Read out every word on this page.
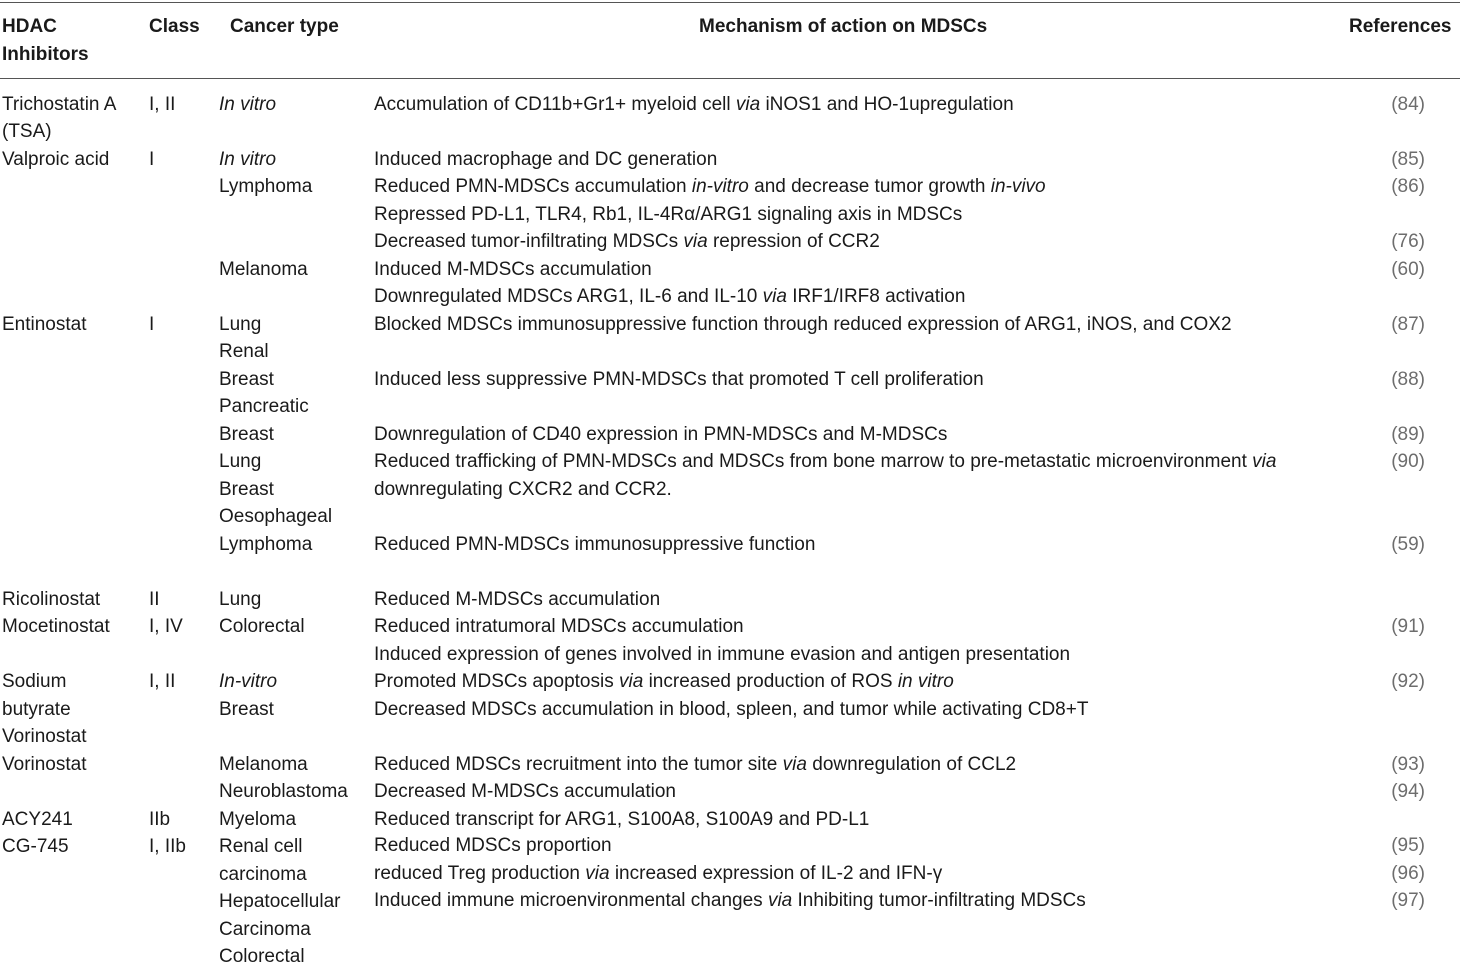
HDAC
Inhibitors
Class Cancer type	Mechanism of action on MDSCs	References
Trichostatin A
(TSA)
Valproic acid
Entinostat
Ricolinostat
Mocetinostat
Sodium
butyrate
Vorinostat
Vorinostat
ACY241
CG-745
I, II
I
I
II
I, IV
I, II
IIb
I, IIb
In vitro
In vitro
Lymphoma
Melanoma
Lung
Renal
Breast
Pancreatic
Breast
Lung
Breast
Oesophageal
Lymphoma
Lung
Colorectal
In-vitro
Breast
Melanoma
Neuroblastoma
Myeloma
Renal cell
carcinoma
Hepatocellular
Carcinoma
Colorectal
Accumulation of CD11b+Gr1+ myeloid cell via iNOS1 and HO-1upregulation
Induced macrophage and DC generation
Reduced PMN-MDSCs accumulation in-vitro and decrease tumor growth in-vivo
Repressed PD-L1, TLR4, Rb1, IL-4Rα/ARG1 signaling axis in MDSCs
Decreased tumor-infiltrating MDSCs via repression of CCR2
Induced M-MDSCs accumulation
Downregulated MDSCs ARG1, IL-6 and IL-10 via IRF1/IRF8 activation
Blocked MDSCs immunosuppressive function through reduced expression of ARG1, iNOS, and COX2
Induced less suppressive PMN-MDSCs that promoted T cell proliferation
Downregulation of CD40 expression in PMN-MDSCs and M-MDSCs
Reduced trafficking of PMN-MDSCs and MDSCs from bone marrow to pre-metastatic microenvironment via
downregulating CXCR2 and CCR2.
Reduced PMN-MDSCs immunosuppressive function
Reduced M-MDSCs accumulation
Reduced intratumoral MDSCs accumulation
Induced expression of genes involved in immune evasion and antigen presentation
Promoted MDSCs apoptosis via increased production of ROS in vitro
Decreased MDSCs accumulation in blood, spleen, and tumor while activating CD8+T
Reduced MDSCs recruitment into the tumor site via downregulation of CCL2
Decreased M-MDSCs accumulation
Reduced transcript for ARG1, S100A8, S100A9 and PD-L1
Reduced MDSCs proportion
reduced Treg production via increased expression of IL-2 and IFN-γ
Induced immune microenvironmental changes via Inhibiting tumor-infiltrating MDSCs
(84)
(85)
(86)
(76)
(60)
(87)
(88)
(89)
(90)
(59)
(91)
(92)
(93)
(94)
(95)
(96)
(97)
